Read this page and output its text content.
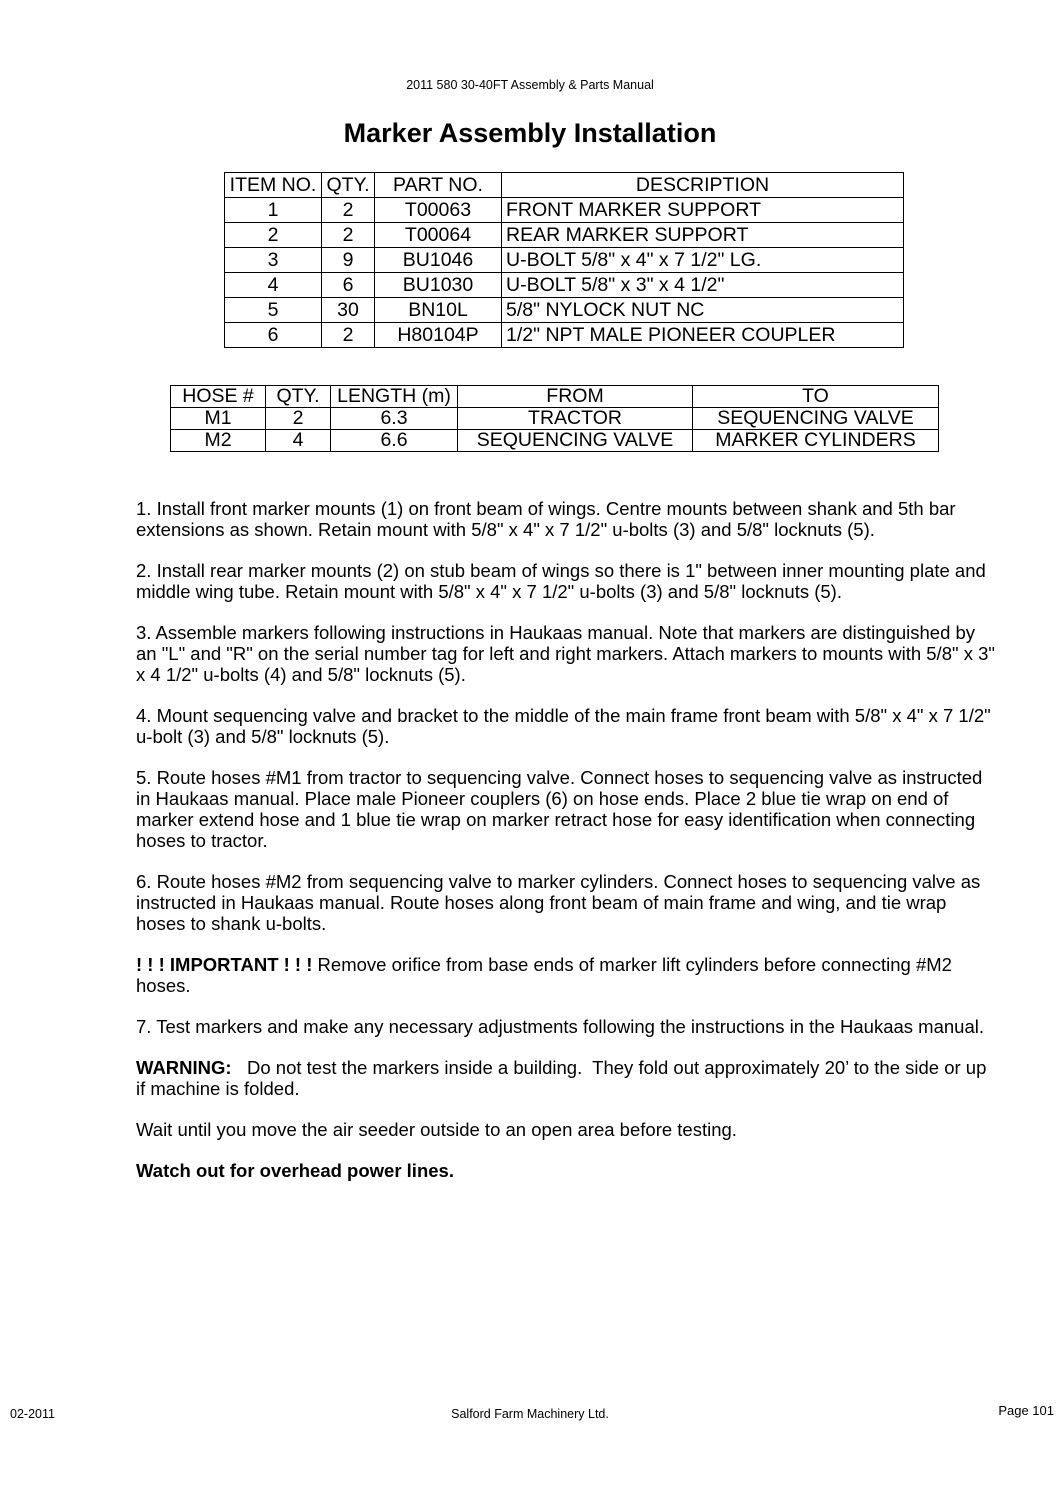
2011 580 30-40FT Assembly & Parts Manual
Marker Assembly Installation
ITEM NO.	QTY.	PART NO.	DESCRIPTION
1	2	T00063	FRONT MARKER SUPPORT
2	2	T00064	REAR MARKER SUPPORT
3	9	BU1046	U-BOLT 5/8" x 4" x 7 1/2" LG.
4	6	BU1030	U-BOLT 5/8" x 3" x 4 1/2"
5	30	BN10L	5/8" NYLOCK NUT NC
6	2	H80104P	1/2" NPT MALE PIONEER COUPLER
HOSE #	QTY.	LENGTH (m)	FROM	TO
M1	2	6.3	TRACTOR	SEQUENCING VALVE
M2	4	6.6	SEQUENCING VALVE	MARKER CYLINDERS

1. Install front marker mounts (1) on front beam of wings. Centre mounts between shank and 5th bar extensions as shown. Retain mount with 5/8" x 4" x 7 1/2" u-bolts (3) and 5/8" locknuts (5).

2. Install rear marker mounts (2) on stub beam of wings so there is 1" between inner mounting plate and middle wing tube. Retain mount with 5/8" x 4" x 7 1/2" u-bolts (3) and 5/8" locknuts (5).

3. Assemble markers following instructions in Haukaas manual. Note that markers are distinguished by an "L" and "R" on the serial number tag for left and right markers. Attach markers to mounts with 5/8" x 3" x 4 1/2" u-bolts (4) and 5/8" locknuts (5).

4. Mount sequencing valve and bracket to the middle of the main frame front beam with 5/8" x 4" x 7 1/2" u-bolt (3) and 5/8" locknuts (5).

5. Route hoses #M1 from tractor to sequencing valve. Connect hoses to sequencing valve as instructed in Haukaas manual. Place male Pioneer couplers (6) on hose ends. Place 2 blue tie wrap on end of marker extend hose and 1 blue tie wrap on marker retract hose for easy identification when connecting hoses to tractor.

6. Route hoses #M2 from sequencing valve to marker cylinders. Connect hoses to sequencing valve as instructed in Haukaas manual. Route hoses along front beam of main frame and wing, and tie wrap hoses to shank u-bolts.

! ! ! IMPORTANT ! ! ! Remove orifice from base ends of marker lift cylinders before connecting #M2 hoses.

7. Test markers and make any necessary adjustments following the instructions in the Haukaas manual.

WARNING:   Do not test the markers inside a building.  They fold out approximately 20’ to the side or up if machine is folded.

Wait until you move the air seeder outside to an open area before testing.

Watch out for overhead power lines.

02-2011	Salford Farm Machinery Ltd.	Page 101
